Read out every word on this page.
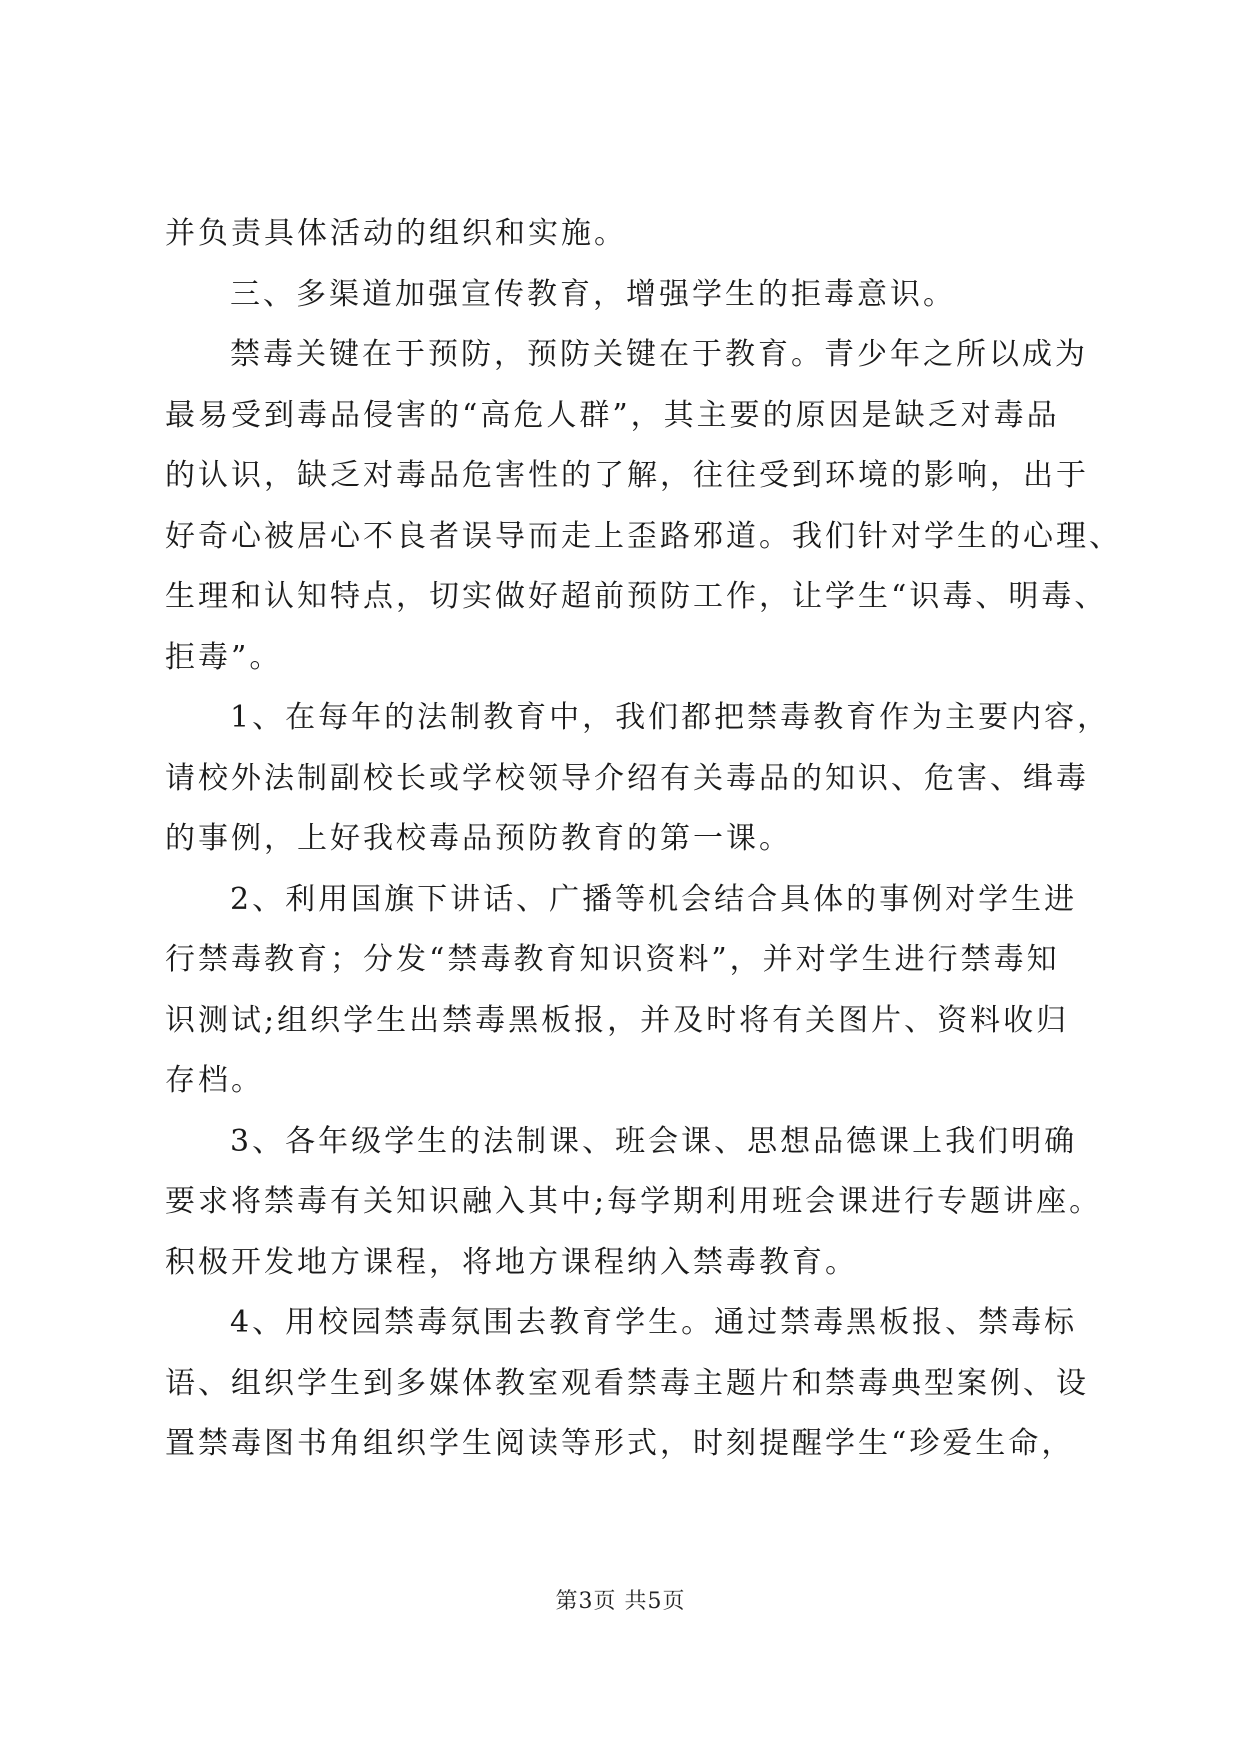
并负责具体活动的组织和实施。
三、多渠道加强宣传教育，增强学生的拒毒意识。
禁毒关键在于预防，预防关键在于教育。青少年之所以成为
最易受到毒品侵害的“高危人群”，其主要的原因是缺乏对毒品
的认识，缺乏对毒品危害性的了解，往往受到环境的影响，出于
好奇心被居心不良者误导而走上歪路邪道。我们针对学生的心理、
生理和认知特点，切实做好超前预防工作，让学生“识毒、明毒、
拒毒”。
1、在每年的法制教育中，我们都把禁毒教育作为主要内容，
请校外法制副校长或学校领导介绍有关毒品的知识、危害、缉毒
的事例，上好我校毒品预防教育的第一课。
2、利用国旗下讲话、广播等机会结合具体的事例对学生进
行禁毒教育；分发“禁毒教育知识资料”，并对学生进行禁毒知
识测试;组织学生出禁毒黑板报，并及时将有关图片、资料收归
存档。
3、各年级学生的法制课、班会课、思想品德课上我们明确
要求将禁毒有关知识融入其中;每学期利用班会课进行专题讲座。
积极开发地方课程，将地方课程纳入禁毒教育。
4、用校园禁毒氛围去教育学生。通过禁毒黑板报、禁毒标
语、组织学生到多媒体教室观看禁毒主题片和禁毒典型案例、设
置禁毒图书角组织学生阅读等形式，时刻提醒学生“珍爱生命，
第3页 共5页
